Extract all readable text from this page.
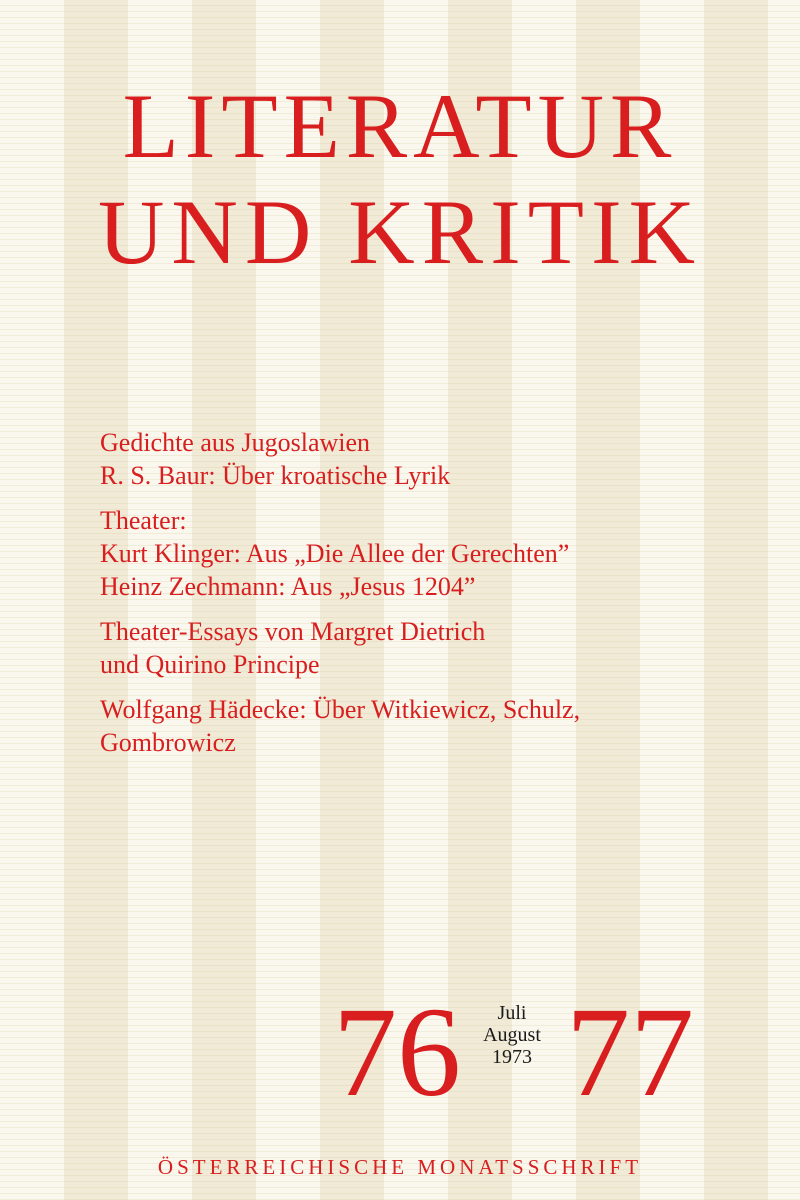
LITERATUR
UND KRITIK
Gedichte aus Jugoslawien
R. S. Baur: Über kroatische Lyrik
Theater:
Kurt Klinger: Aus „Die Allee der Gerechten”
Heinz Zechmann: Aus „Jesus 1204”
Theater-Essays von Margret Dietrich
und Quirino Principe
Wolfgang Hädecke: Über Witkiewicz, Schulz,
Gombrowicz
76	Juli
August
1973 77
ÖSTERREICHISCHE MONATSSCHRIFT
